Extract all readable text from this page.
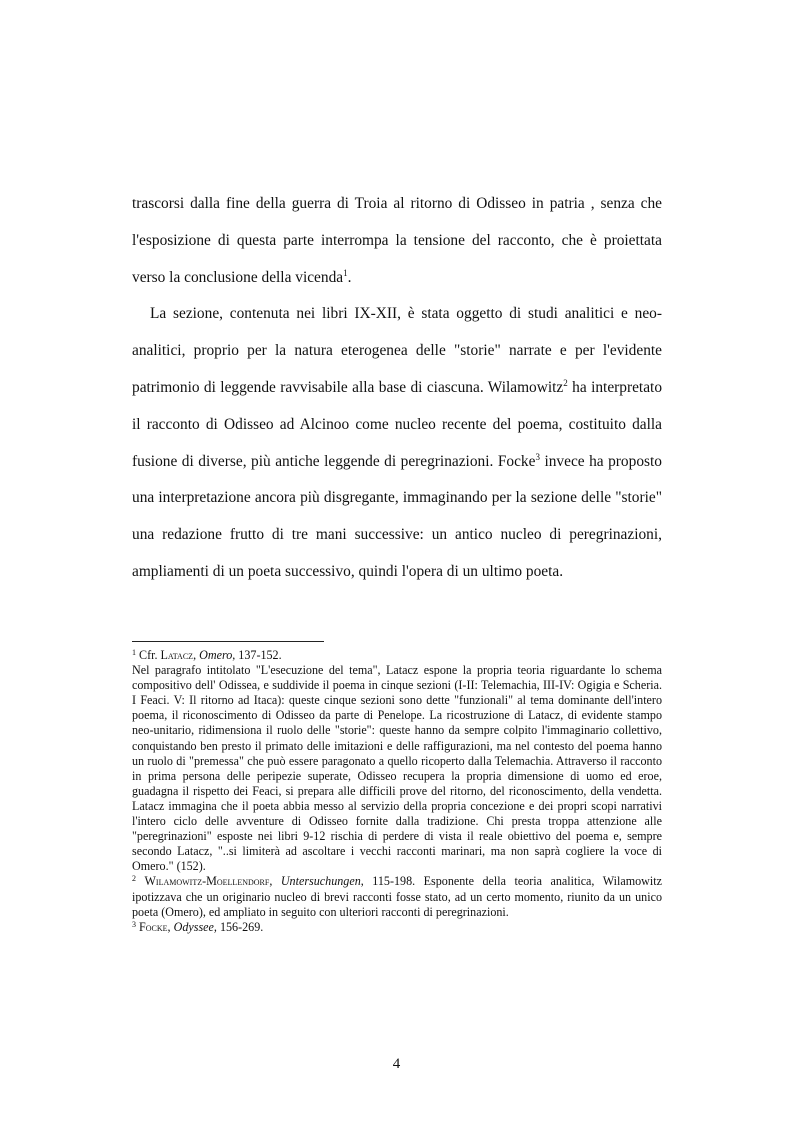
trascorsi dalla fine della guerra di Troia al ritorno di Odisseo in patria , senza che l'esposizione di questa parte interrompa la tensione del racconto, che è proiettata verso la conclusione della vicenda$^1$.

La sezione, contenuta nei libri IX-XII, è stata oggetto di studi analitici e neo-analitici, proprio per la natura eterogenea delle "storie" narrate e per l'evidente patrimonio di leggende ravvisabile alla base di ciascuna. Wilamowitz$^2$ ha interpretato il racconto di Odisseo ad Alcinoo come nucleo recente del poema, costituito dalla fusione di diverse, più antiche leggende di peregrinazioni. Focke$^3$ invece ha proposto una interpretazione ancora più disgregante, immaginando per la sezione delle "storie" una redazione frutto di tre mani successive: un antico nucleo di peregrinazioni, ampliamenti di un poeta successivo, quindi l'opera di un ultimo poeta.

$^1$ Cfr. Latacz, Omero, 137-152.

Nel paragrafo intitolato "L'esecuzione del tema", Latacz espone la propria teoria riguardante lo schema compositivo dell' Odissea, e suddivide il poema in cinque sezioni (I-II: Telemachia, III-IV: Ogigia e Scheria. I Feaci. V: Il ritorno ad Itaca): queste cinque sezioni sono dette "funzionali" al tema dominante dell'intero poema, il riconoscimento di Odisseo da parte di Penelope. La ricostruzione di Latacz, di evidente stampo neo-unitario, ridimensiona il ruolo delle "storie": queste hanno da sempre colpito l'immaginario collettivo, conquistando ben presto il primato delle imitazioni e delle raffigurazioni, ma nel contesto del poema hanno un ruolo di "premessa" che può essere paragonato a quello ricoperto dalla Telemachia. Attraverso il racconto in prima persona delle peripezie superate, Odisseo recupera la propria dimensione di uomo ed eroe, guadagna il rispetto dei Feaci, si prepara alle difficili prove del ritorno, del riconoscimento, della vendetta. Latacz immagina che il poeta abbia messo al servizio della propria concezione e dei propri scopi narrativi l'intero ciclo delle avventure di Odisseo fornite dalla tradizione. Chi presta troppa attenzione alle "peregrinazioni" esposte nei libri 9-12 rischia di perdere di vista il reale obiettivo del poema e, sempre secondo Latacz, "..si limiterà ad ascoltare i vecchi racconti marinari, ma non saprà cogliere la voce di Omero." (152).

$^2$ Wilamowitz-Moellendorf, Untersuchungen, 115-198. Esponente della teoria analitica, Wilamowitz ipotizzava che un originario nucleo di brevi racconti fosse stato, ad un certo momento, riunito da un unico poeta (Omero), ed ampliato in seguito con ulteriori racconti di peregrinazioni.

$^3$ Focke, Odyssee, 156-269.

4
